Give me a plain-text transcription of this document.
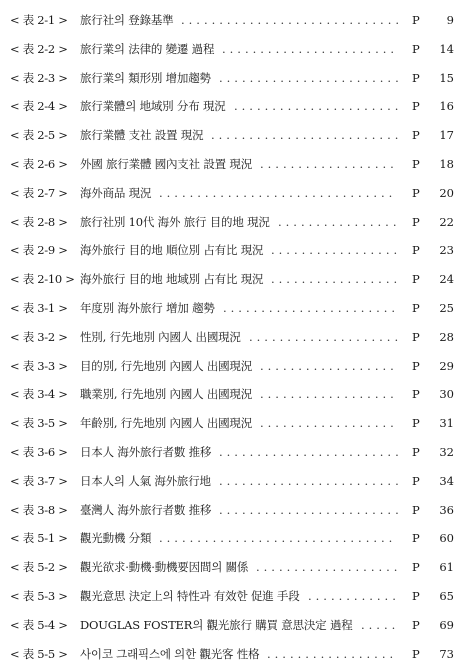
< 表 2-1 >	旅行社의 登錄基準 ............................. P 9
< 表 2-2 >	旅行業의 法律的 變遷 過程 ....................... P 14
< 表 2-3 >	旅行業의 類形別 增加趨勢 ........................ P 15
< 表 2-4 >	旅行業體의 地域別 分布 現況 ...................... P 16
< 表 2-5 >	旅行業體 支社 設置 現況 ......................... P 17
< 表 2-6 >	外國 旅行業體 國內支社 設置 現況 .................. P 18
< 表 2-7 >	海外商品 現況 ............................... P 20
< 表 2-8 >	旅行社別 10代 海外 旅行 目的地 現況 ................ P 22
< 表 2-9 >	海外旅行 目的地 順位別 占有比 現況 ................. P 23
< 表 2-10 > 海外旅行 目的地 地域別 占有比 現況 ................. P 24
< 表 3-1 >	年度別 海外旅行 增加 趨勢 ....................... P 25
< 表 3-2 >	性別, 行先地別 內國人 出國現況 .................... P 28
< 表 3-3 >	目的別, 行先地別 內國人 出國現況 .................. P 29
< 表 3-4 >	職業別, 行先地別 內國人 出國現況 .................. P 30
< 表 3-5 >	年齡別, 行先地別 內國人 出國現況 .................. P 31
< 表 3-6 >	日本人 海外旅行者數 推移 ........................ P 32
< 表 3-7 >	日本人의 人氣 海外旅行地 ........................ P 34
< 表 3-8 >	臺灣人 海外旅行者數 推移 ........................ P 36
< 表 5-1 >	觀光動機 分類 ............................... P 60
< 表 5-2 >	觀光欲求·動機·動機要因間의 關係 ................... P 61
< 表 5-3 >	觀光意思 決定上의 特性과 有效한 促進 手段 ............ P 65
< 表 5-4 >	DOUGLAS FOSTER의 觀光旅行 購買 意思決定 過程 ..... P 69
< 表 5-5 >	사이코 그래픽스에 의한 觀光客 性格 ................. P 73
